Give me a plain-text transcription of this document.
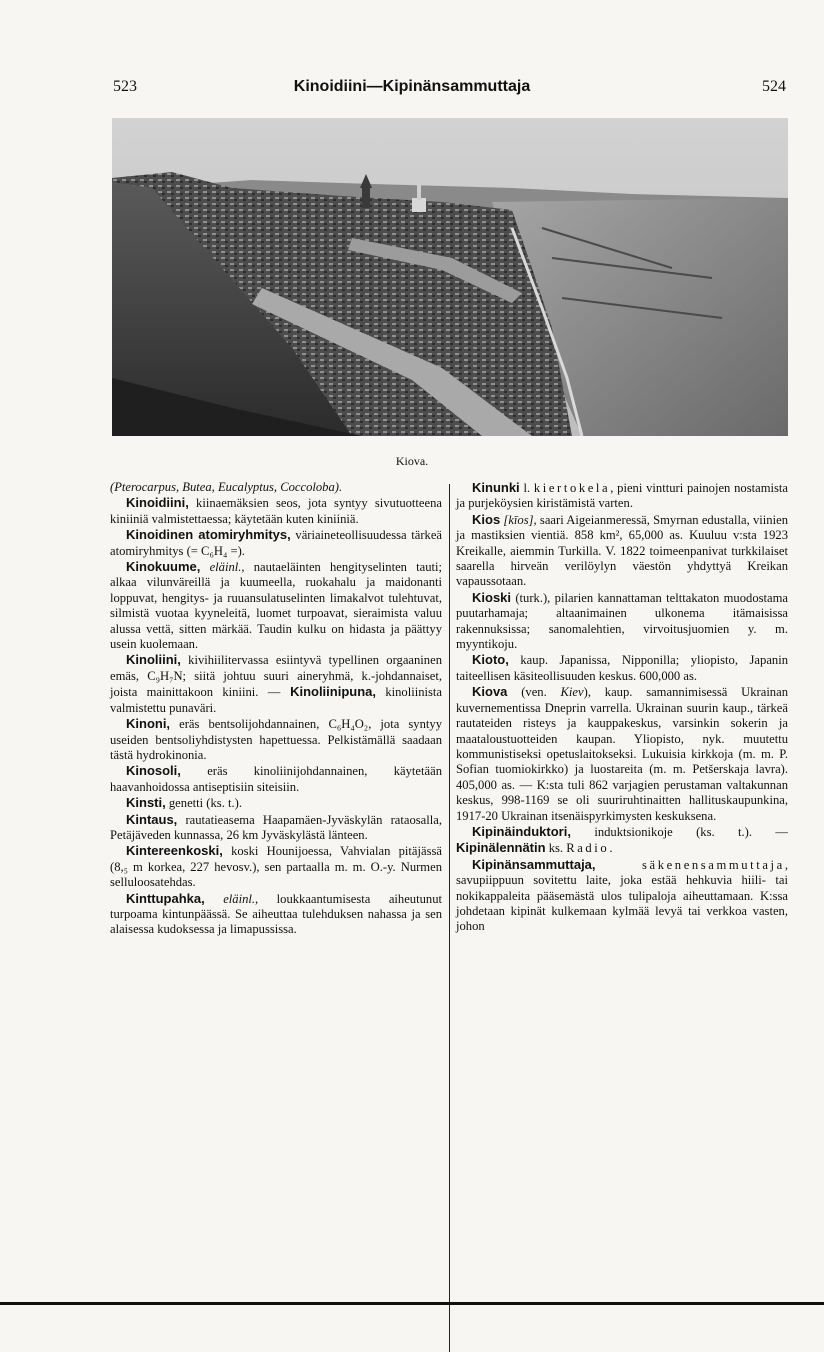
523	Kinoidiini—Kipinänsammuttaja	524
Kiova.

(Pterocarpus, Butea, Eucalyptus, Coccoloba).

Kinoidiini, kiinaemäksien seos, jota syntyy sivutuotteena kiniiniä valmistettaessa; käytetään kuten kiniiniä.

Kinoidinen atomiryhmitys, väriaineteollisuudessa tärkeä atomiryhmitys (= C₆H₄ =).

Kinokuume, eläinl., nautaeläinten hengityselinten tauti; alkaa vilunväreillä ja kuumeella, ruokahalu ja maidonanti loppuvat, hengitys- ja ruuansulatuselinten limakalvot tulehtuvat, silmistä vuotaa kyyneleitä, luomet turpoavat, sieraimista valuu alussa vettä, sitten märkää. Taudin kulku on hidasta ja päättyy usein kuolemaan.

Kinoliini, kivihiilitervassa esiintyvä typellinen orgaaninen emäs, C₉H₇N; siitä johtuu suuri aineryhmä, k.-johdannaiset, joista mainittakoon kiniini. — Kinoliinipuna, kinoliinista valmistettu punaväri.

Kinoni, eräs bentsolijohdannainen, C₆H₄O₂, jota syntyy useiden bentsoliyhdistysten hapettuessa. Pelkistämällä saadaan tästä hydrokinonia.

Kinosoli, eräs kinoliinijohdannainen, käytetään haavanhoidossa antiseptisiin siteisiin.

Kinsti, genetti (ks. t.).

Kintaus, rautatieasema Haapamäen-Jyväskylän rataosalla, Petäjäveden kunnassa, 26 km Jyväskylästä länteen.

Kintereenkoski, koski Hounijoessa, Vahvialan pitäjässä (8,₅ m korkea, 227 hevosv.), sen partaalla m. m. O.-y. Nurmen selluloosatehdas.

Kinttupahka, eläinl., loukkaantumisesta aiheutunut turpoama kintunpäässä. Se aiheuttaa tulehduksen nahassa ja sen alaisessa kudoksessa ja limapussissa.

Kinunki l. kiertokela, pieni vintturi painojen nostamista ja purjeköysien kiristämistä varten.

Kios [kīos], saari Aigeianmeressä, Smyrnan edustalla, viinien ja mastiksien vientiä. 858 km², 65,000 as. Kuuluu v:sta 1923 Kreikalle, aiemmin Turkilla. V. 1822 toimeenpanivat turkkilaiset saarella hirveän verilöylyn väestön yhdyttyä Kreikan vapaussotaan.

Kioski (turk.), pilarien kannattaman telttakaton muodostama puutarhamaja; altaanimainen ulkonema itämaisissa rakennuksissa; sanomalehtien, virvoitusjuomien y. m. myyntikoju.

Kioto, kaup. Japanissa, Nipponilla; yliopisto, Japanin taiteellisen käsiteollisuuden keskus. 600,000 as.

Kiova (ven. Kiev), kaup. samannimisessä Ukrainan kuvernementissa Dneprin varrella. Ukrainan suurin kaup., tärkeä rautateiden risteys ja kauppakeskus, varsinkin sokerin ja maataloustuotteiden kaupan. Yliopisto, nyk. muutettu kommunistiseksi opetuslaitokseksi. Lukuisia kirkkoja (m. m. P. Sofian tuomiokirkko) ja luostareita (m. m. Petšerskaja lavra). 405,000 as. — K:sta tuli 862 varjagien perustaman valtakunnan keskus, 998-1169 se oli suuriruhtinaitten hallituskaupunkina, 1917-20 Ukrainan itsenäispyrkimysten keskuksena.

Kipinäinduktori, induktsionikoje (ks. t.). — Kipinälennätin ks. Radio.

Kipinänsammuttaja,	säkenensammuttaja, savupiippuun sovitettu laite, joka estää hehkuvia hiili- tai nokikappaleita pääsemästä ulos tulipaloja aiheuttamaan. K:ssa johdetaan kipinät kulkemaan kylmää levyä tai verkkoa vasten, johon
